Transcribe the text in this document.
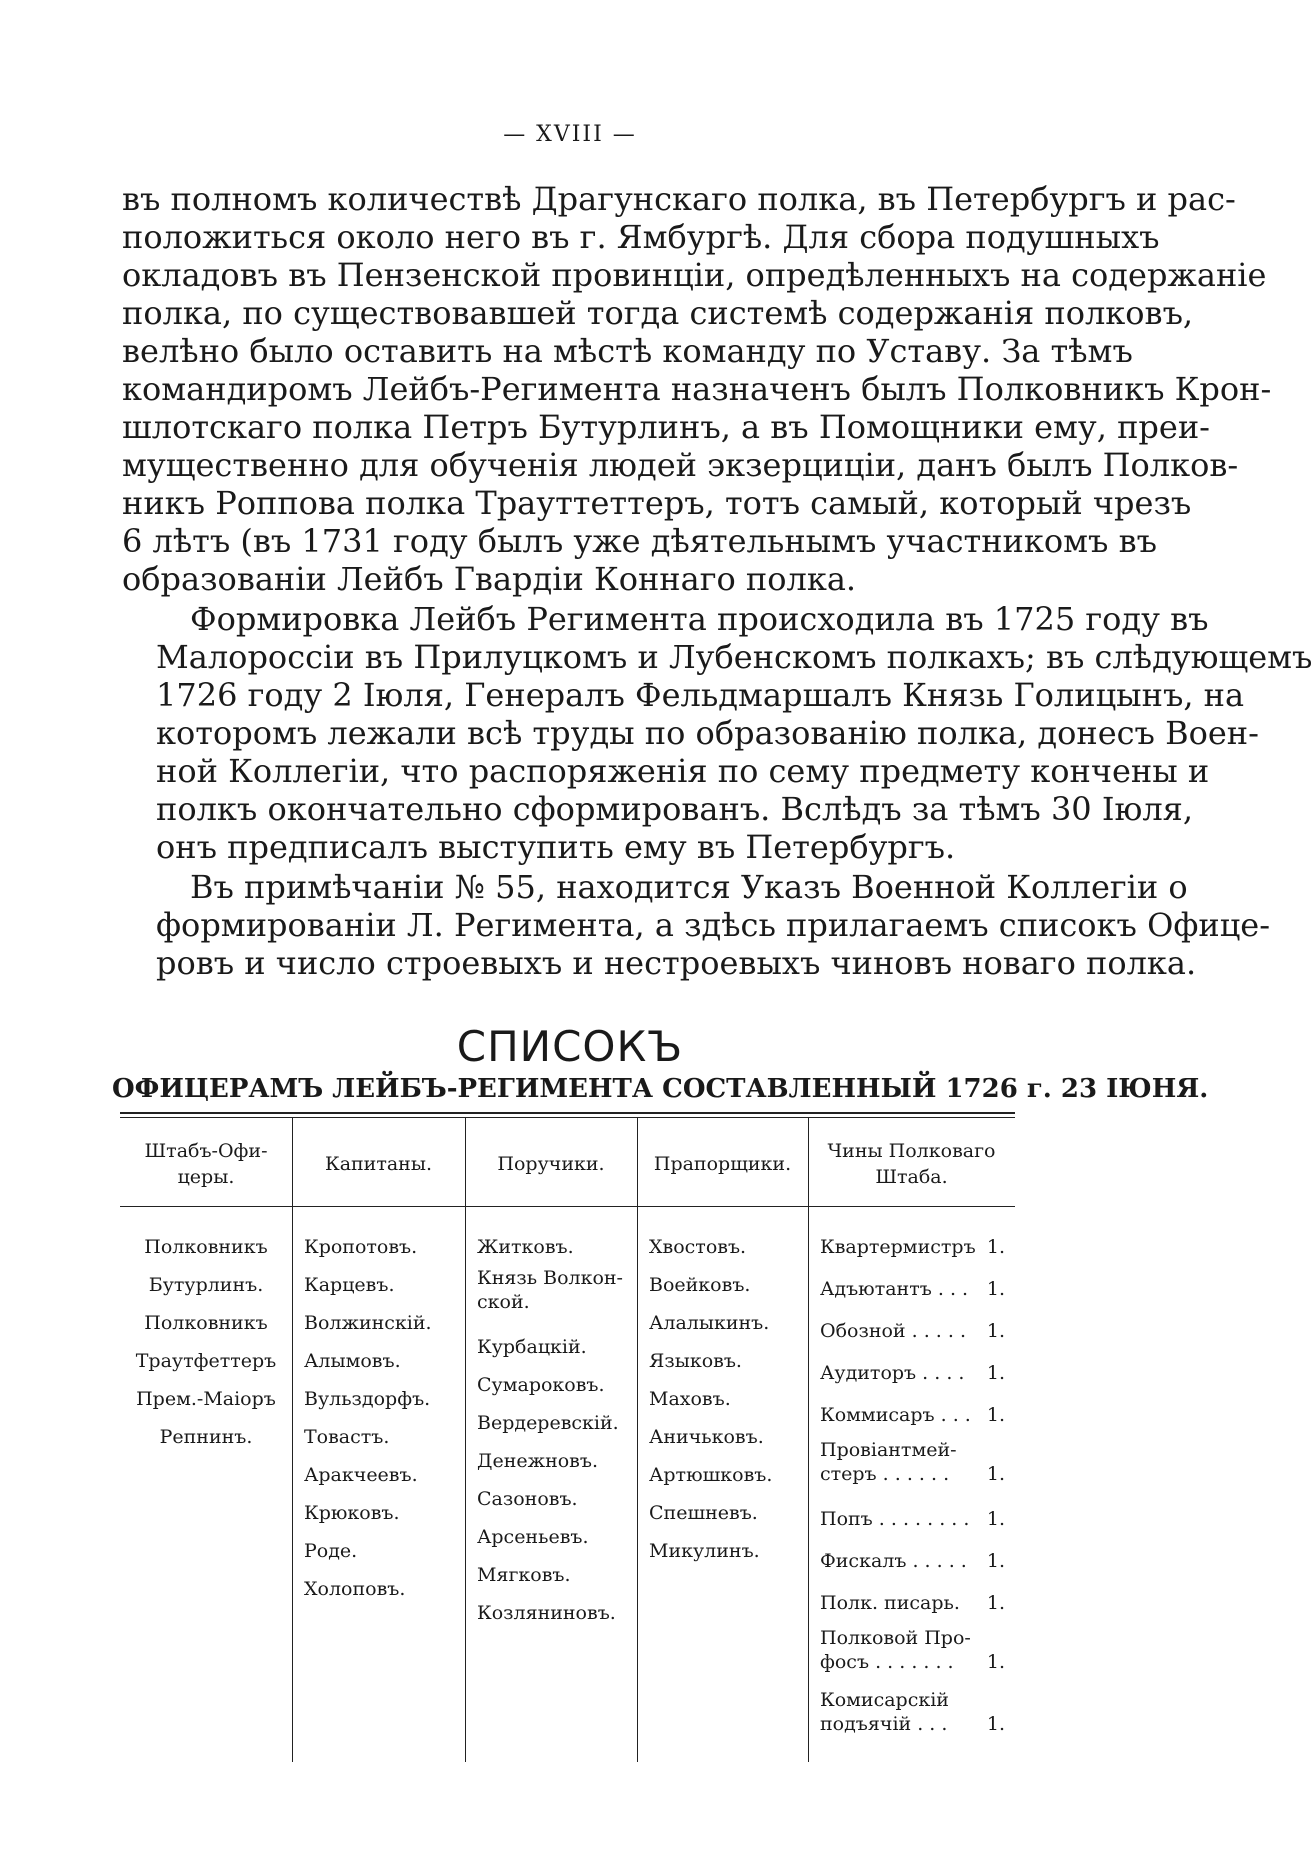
— XVIII —

въ полномъ количествѣ Драгунскаго полка, въ Петербургъ и рас-
положиться около него въ г. Ямбургѣ. Для сбора подушныхъ
окладовъ въ Пензенской провинціи, опредѣленныхъ на содержаніе
полка, по существовавшей тогда системѣ содержанія полковъ,
велѣно было оставить на мѣстѣ команду по Уставу. За тѣмъ
командиромъ Лейбъ-Регимента назначенъ былъ Полковникъ Крон-
шлотскаго полка Петръ Бутурлинъ, а въ Помощники ему, преи-
мущественно для обученія людей экзерциціи, данъ былъ Полков-
никъ Роппова полка Трауттеттеръ, тотъ самый, который чрезъ
6 лѣтъ (въ 1731 году былъ уже дѣятельнымъ участникомъ въ
образованіи Лейбъ Гвардіи Коннаго полка.

Формировка Лейбъ Регимента происходила въ 1725 году въ
Малороссіи въ Прилуцкомъ и Лубенскомъ полкахъ; въ слѣдующемъ
1726 году 2 Іюля, Генералъ Фельдмаршалъ Князь Голицынъ, на
которомъ лежали всѣ труды по образованію полка, донесъ Воен-
ной Коллегіи, что распоряженія по сему предмету кончены и
полкъ окончательно сформированъ. Вслѣдъ за тѣмъ 30 Іюля,
онъ предписалъ выступить ему въ Петербургъ.

Въ примѣчаніи № 55, находится Указъ Военной Коллегіи о
формированіи Л. Регимента, а здѣсь прилагаемъ списокъ Офице-
ровъ и число строевыхъ и нестроевыхъ чиновъ новаго полка.

СПИСОКЪ
ОФИЦЕРАМЪ ЛЕЙБЪ-РЕГИМЕНТА СОСТАВЛЕННЫЙ 1726 г. 23 ІЮНЯ.
Штабъ-Офи-
церы.
Капитаны.	Поручики.	Прапорщики.
Чины Полковаго
Штаба.
Полковникъ
Бутурлинъ.
Полковникъ
Траутфеттеръ
Прем.-Маіоръ
Репнинъ.
Кропотовъ.
Карцевъ.
Волжинскій.
Алымовъ.
Вульздорфъ.
Товастъ.
Аракчеевъ.
Крюковъ.
Роде.
Холоповъ.
Житковъ.
Князь Волкон-
ской.
Курбацкій.
Сумароковъ.
Вердеревскій.
Денежновъ.
Сазоновъ.
Арсеньевъ.
Мягковъ.
Козляниновъ.
Хвостовъ.
Воейковъ.
Алалыкинъ.
Языковъ.
Маховъ.
Аничьковъ.
Артюшковъ.
Спешневъ.
Микулинъ.
Квартермистръ 1.
Адъютантъ . . . 1.
Обозной . . . . . 1.
Аудиторъ . . . . 1.
Коммисаръ . . . 1.
Провіантмей-
стеръ . . . . . . 1.
Попъ . . . . . . . . 1.
Фискалъ . . . . . 1.
Полк. писарь. 1.
Полковой Про-
фосъ . . . . . . . 1.
Комисарскій
подъячій . . . 1.
